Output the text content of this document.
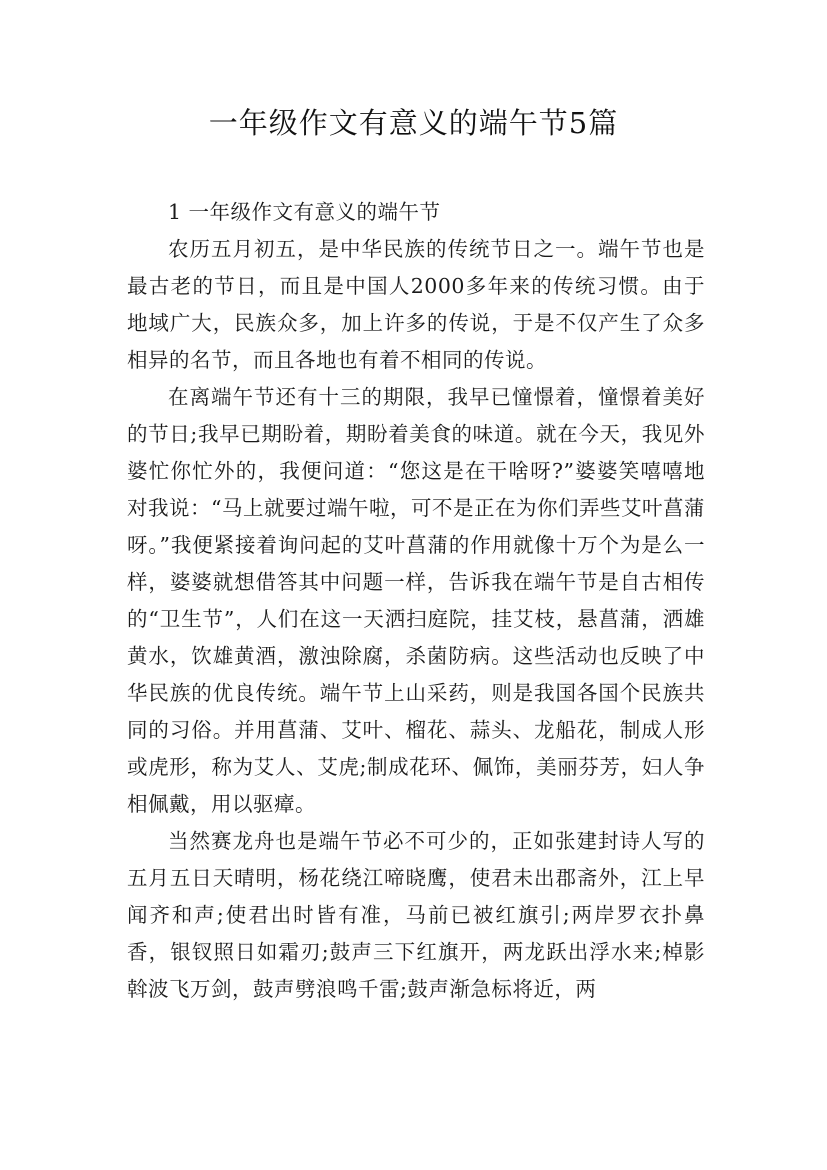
一年级作文有意义的端午节5篇

1 一年级作文有意义的端午节

农历五月初五，是中华民族的传统节日之一。端午节也是最古老的节日，而且是中国人2000多年来的传统习惯。由于地域广大，民族众多，加上许多的传说，于是不仅产生了众多相异的名节，而且各地也有着不相同的传说。

在离端午节还有十三的期限，我早已憧憬着，憧憬着美好的节日;我早已期盼着，期盼着美食的味道。就在今天，我见外婆忙你忙外的，我便问道：“您这是在干啥呀?”婆婆笑嘻嘻地对我说：“马上就要过端午啦，可不是正在为你们弄些艾叶菖蒲呀。”我便紧接着询问起的艾叶菖蒲的作用就像十万个为是么一样，婆婆就想借答其中问题一样，告诉我在端午节是自古相传的“卫生节”，人们在这一天洒扫庭院，挂艾枝，悬菖蒲，洒雄黄水，饮雄黄酒，激浊除腐，杀菌防病。这些活动也反映了中华民族的优良传统。端午节上山采药，则是我国各国个民族共同的习俗。并用菖蒲、艾叶、榴花、蒜头、龙船花，制成人形或虎形，称为艾人、艾虎;制成花环、佩饰，美丽芬芳，妇人争相佩戴，用以驱瘴。

当然赛龙舟也是端午节必不可少的，正如张建封诗人写的五月五日天晴明，杨花绕江啼晓鹰，使君未出郡斋外，江上早闻齐和声;使君出时皆有准，马前已被红旗引;两岸罗衣扑鼻香，银钗照日如霜刃;鼓声三下红旗开，两龙跃出浮水来;棹影斡波飞万剑，鼓声劈浪鸣千雷;鼓声渐急标将近，两
